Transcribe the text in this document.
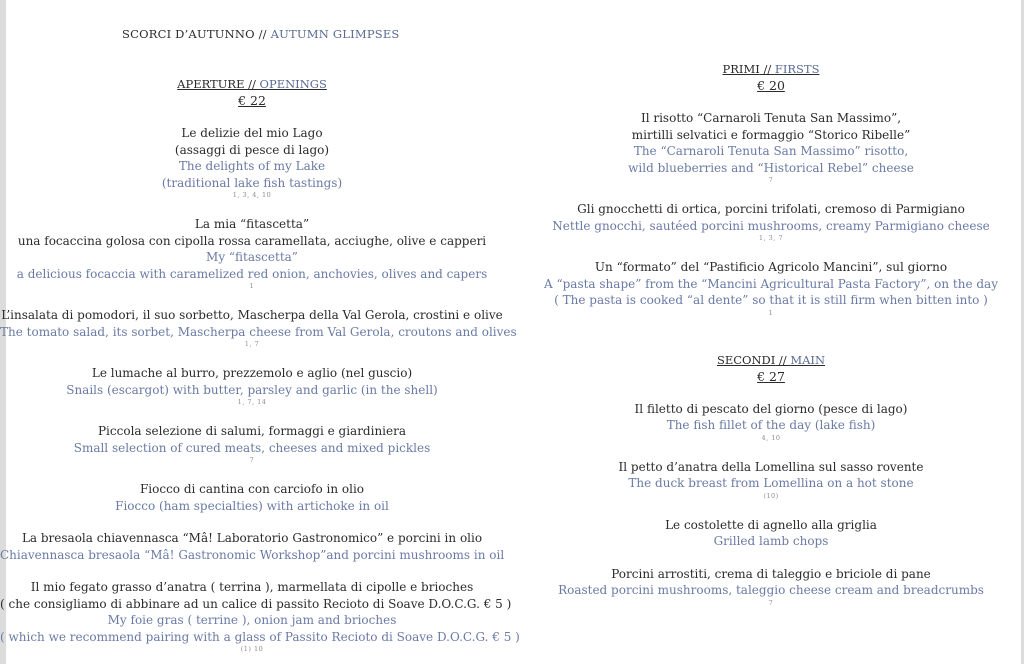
SCORCI D’AUTUNNO // AUTUMN GLIMPSES
APERTURE // OPENINGS
€ 22
Le delizie del mio Lago
(assaggi di pesce di lago)
The delights of my Lake
(traditional lake fish tastings)
1, 3, 4, 10
La mia “fitascetta”
una focaccina golosa con cipolla rossa caramellata, acciughe, olive e capperi
My “fitascetta”
a delicious focaccia with caramelized red onion, anchovies, olives and capers
1
L’insalata di pomodori, il suo sorbetto, Mascherpa della Val Gerola, crostini e olive
The tomato salad, its sorbet, Mascherpa cheese from Val Gerola, croutons and olives
1, 7
Le lumache al burro, prezzemolo e aglio (nel guscio)
Snails (escargot) with butter, parsley and garlic (in the shell)
1, 7, 14
Piccola selezione di salumi, formaggi e giardiniera
Small selection of cured meats, cheeses and mixed pickles
7
Fiocco di cantina con carciofo in olio
Fiocco (ham specialties) with artichoke in oil
La bresaola chiavennasca “Mâ! Laboratorio Gastronomico” e porcini in olio
Chiavennasca bresaola “Mâ! Gastronomic Workshop”and porcini mushrooms in oil
Il mio fegato grasso d’anatra ( terrina ), marmellata di cipolle e brioches
( che consigliamo di abbinare ad un calice di passito Recioto di Soave D.O.C.G. € 5 )
My foie gras ( terrine ), onion jam and brioches
( which we recommend pairing with a glass of Passito Recioto di Soave D.O.C.G. € 5 )
(1) 10
PRIMI // FIRSTS
€ 20
Il risotto “Carnaroli Tenuta San Massimo”,
mirtilli selvatici e formaggio “Storico Ribelle”
The “Carnaroli Tenuta San Massimo” risotto,
wild blueberries and “Historical Rebel” cheese
7
Gli gnocchetti di ortica, porcini trifolati, cremoso di Parmigiano
Nettle gnocchi, sautéed porcini mushrooms, creamy Parmigiano cheese
1, 3, 7
Un “formato” del “Pastificio Agricolo Mancini”, sul giorno
A “pasta shape” from the “Mancini Agricultural Pasta Factory”, on the day
( The pasta is cooked “al dente” so that it is still firm when bitten into )
1
SECONDI // MAIN
€ 27
Il filetto di pescato del giorno (pesce di lago)
The fish fillet of the day (lake fish)
4, 10
Il petto d’anatra della Lomellina sul sasso rovente
The duck breast from Lomellina on a hot stone
(10)
Le costolette di agnello alla griglia
Grilled lamb chops
Porcini arrostiti, crema di taleggio e briciole di pane
Roasted porcini mushrooms, taleggio cheese cream and breadcrumbs
7
